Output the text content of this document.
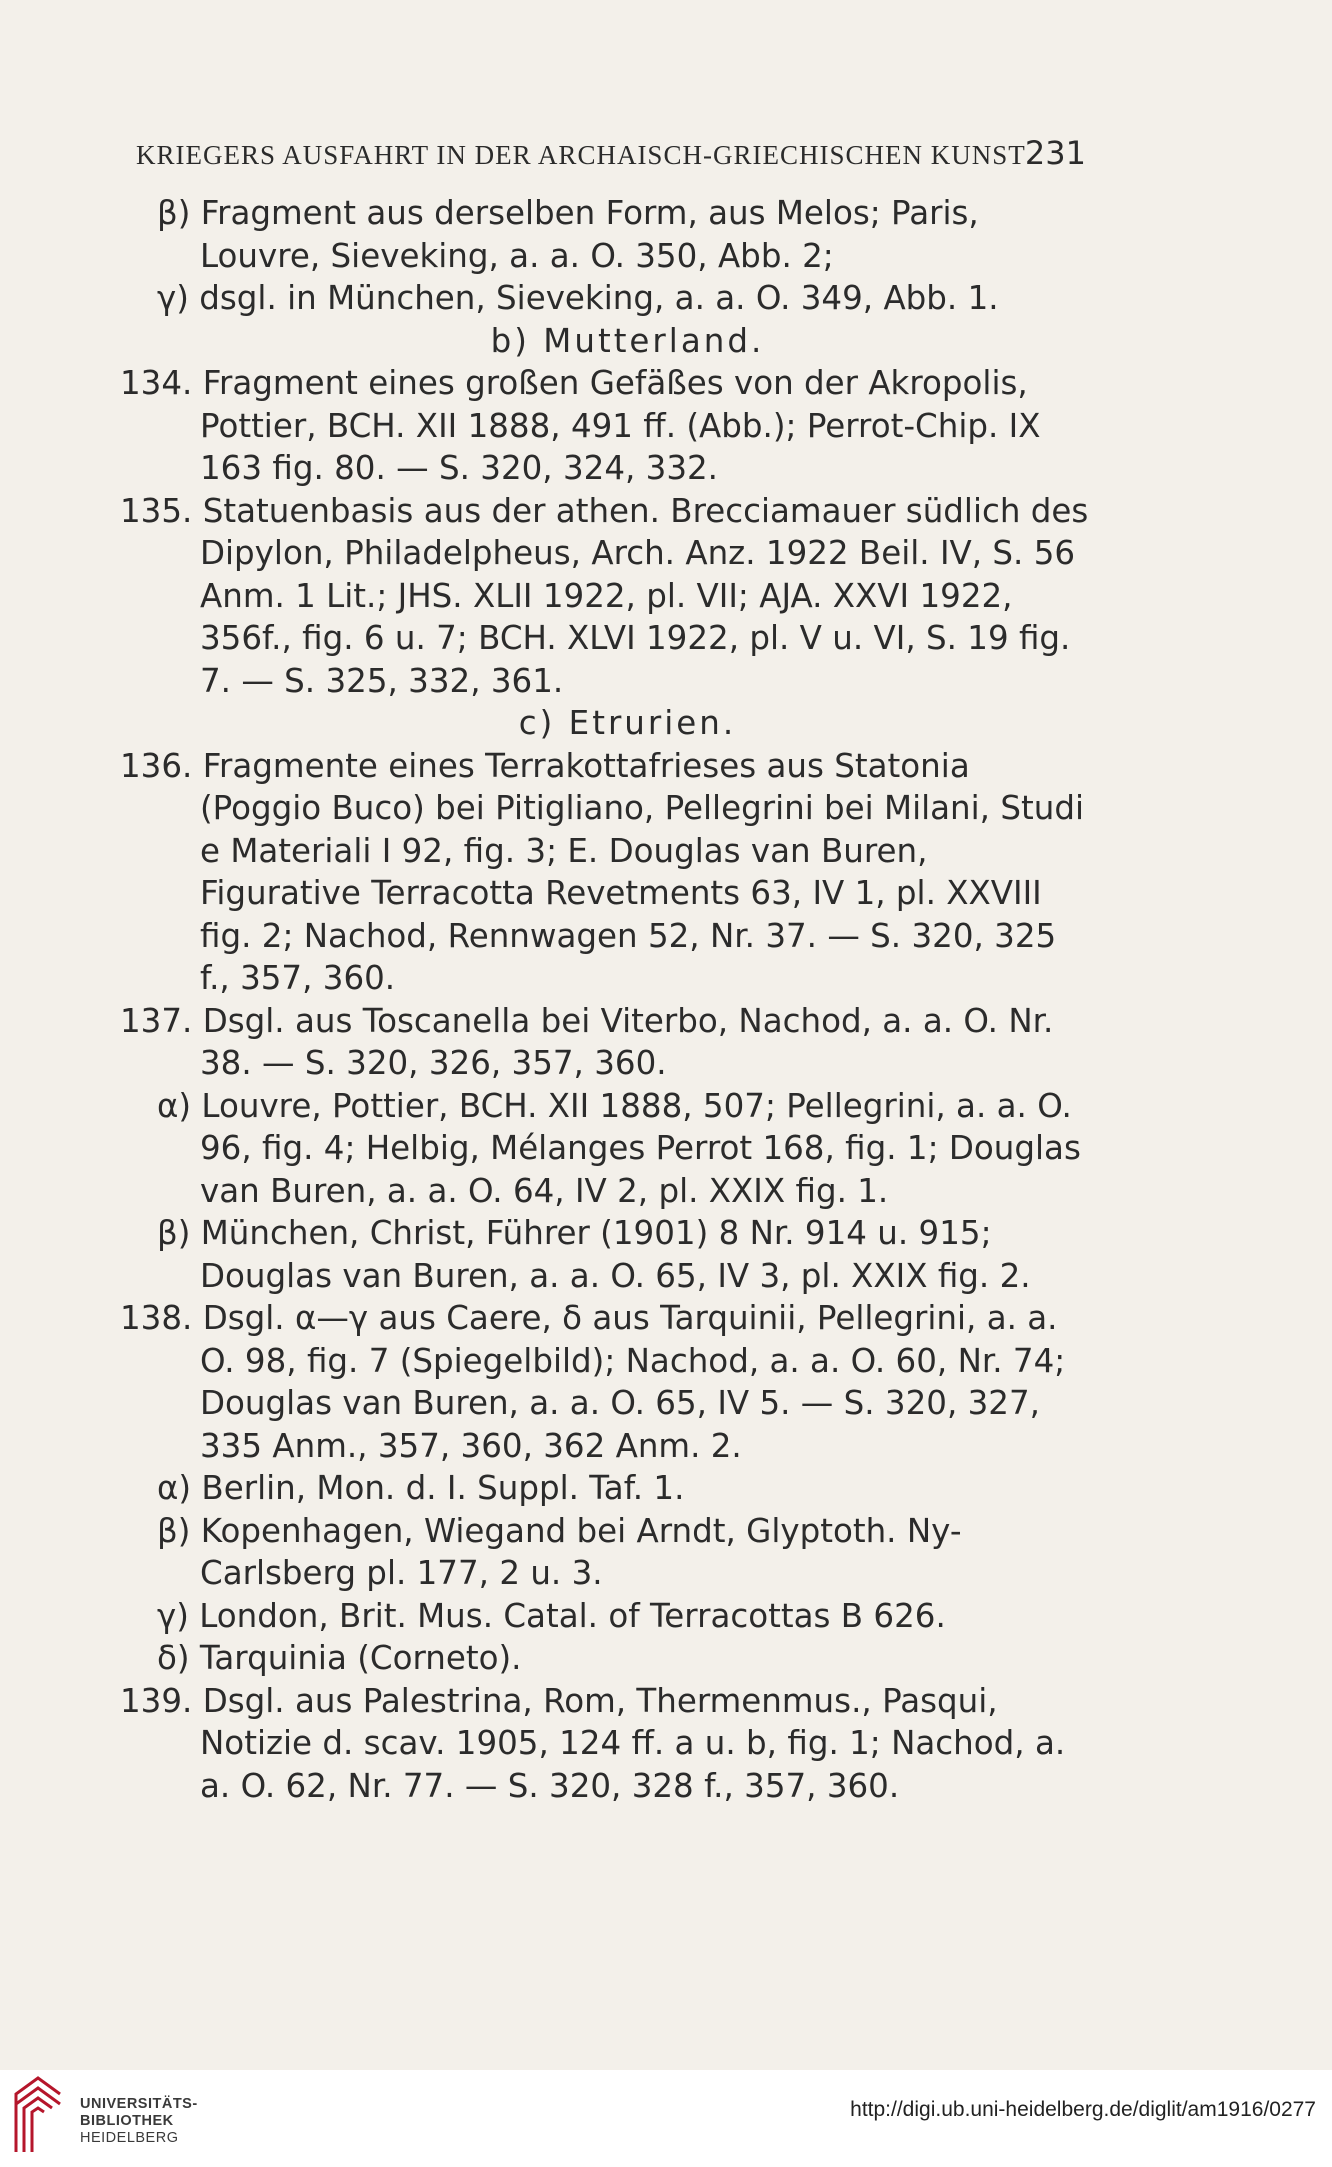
KRIEGERS AUSFAHRT IN DER ARCHAISCH-GRIECHISCHEN KUNST 231
β) Fragment aus derselben Form, aus Melos; Paris, Louvre, Sieveking, a. a. O. 350, Abb. 2;
γ) dsgl. in München, Sieveking, a. a. O. 349, Abb. 1.
b) Mutterland.
134. Fragment eines großen Gefäßes von der Akropolis, Pottier, BCH. XII 1888, 491 ff. (Abb.); Perrot-Chip. IX 163 fig. 80. — S. 320, 324, 332.
135. Statuenbasis aus der athen. Brecciamauer südlich des Dipylon, Philadelpheus, Arch. Anz. 1922 Beil. IV, S. 56 Anm. 1 Lit.; JHS. XLII 1922, pl. VII; AJA. XXVI 1922, 356f., fig. 6 u. 7; BCH. XLVI 1922, pl. V u. VI, S. 19 fig. 7. — S. 325, 332, 361.
c) Etrurien.
136. Fragmente eines Terrakottafrieses aus Statonia (Poggio Buco) bei Pitigliano, Pellegrini bei Milani, Studi e Materiali I 92, fig. 3; E. Douglas van Buren, Figurative Terracotta Revetments 63, IV 1, pl. XXVIII fig. 2; Nachod, Rennwagen 52, Nr. 37. — S. 320, 325 f., 357, 360.
137. Dsgl. aus Toscanella bei Viterbo, Nachod, a. a. O. Nr. 38. — S. 320, 326, 357, 360.
α) Louvre, Pottier, BCH. XII 1888, 507; Pellegrini, a. a. O. 96, fig. 4; Helbig, Mélanges Perrot 168, fig. 1; Douglas van Buren, a. a. O. 64, IV 2, pl. XXIX fig. 1.
β) München, Christ, Führer (1901) 8 Nr. 914 u. 915; Douglas van Buren, a. a. O. 65, IV 3, pl. XXIX fig. 2.
138. Dsgl. α—γ aus Caere, δ aus Tarquinii, Pellegrini, a. a. O. 98, fig. 7 (Spiegelbild); Nachod, a. a. O. 60, Nr. 74; Douglas van Buren, a. a. O. 65, IV 5. — S. 320, 327, 335 Anm., 357, 360, 362 Anm. 2.
α) Berlin, Mon. d. I. Suppl. Taf. 1.
β) Kopenhagen, Wiegand bei Arndt, Glyptoth. Ny-Carlsberg pl. 177, 2 u. 3.
γ) London, Brit. Mus. Catal. of Terracottas B 626.
δ) Tarquinia (Corneto).
139. Dsgl. aus Palestrina, Rom, Thermenmus., Pasqui, Notizie d. scav. 1905, 124 ff. a u. b, fig. 1; Nachod, a. a. O. 62, Nr. 77. — S. 320, 328 f., 357, 360.
UNIVERSITÄTS-
BIBLIOTHEK
HEIDELBERG
http://digi.ub.uni-heidelberg.de/diglit/am1916/0277
